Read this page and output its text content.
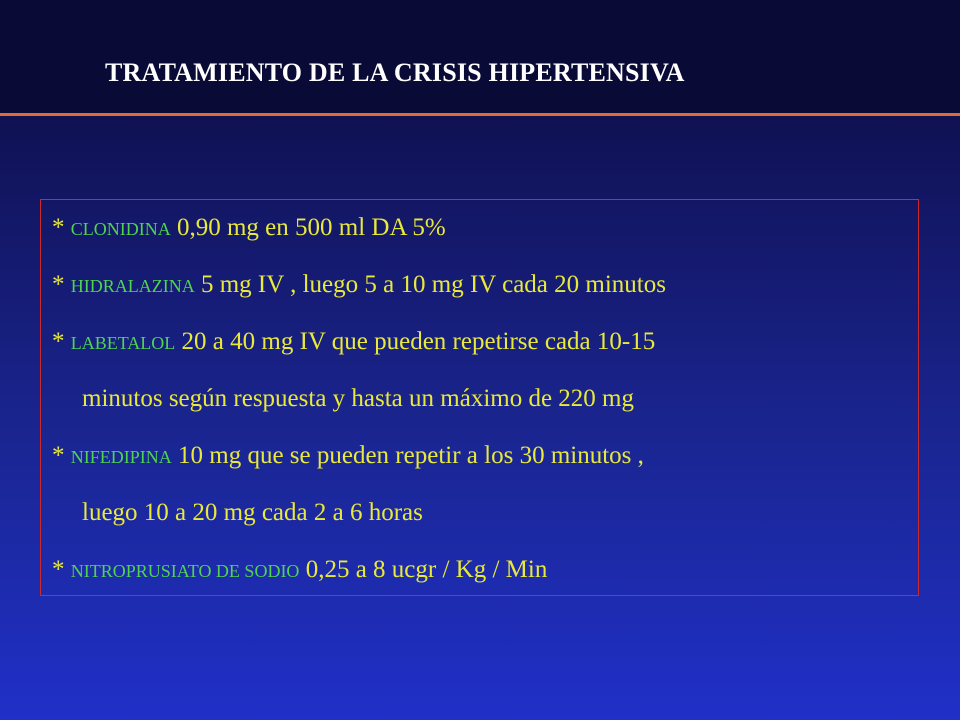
TRATAMIENTO DE LA CRISIS HIPERTENSIVA
* CLONIDINA 0,90 mg en 500 ml DA 5%
* HIDRALAZINA 5 mg IV , luego 5 a 10 mg IV cada 20 minutos
* LABETALOL 20 a 40 mg IV que pueden repetirse cada 10-15
minutos según respuesta y hasta un máximo de 220 mg
* NIFEDIPINA 10 mg que se pueden repetir a los 30 minutos ,
luego 10 a 20 mg cada 2 a 6 horas
* NITROPRUSIATO DE SODIO 0,25 a 8 ucgr / Kg / Min
